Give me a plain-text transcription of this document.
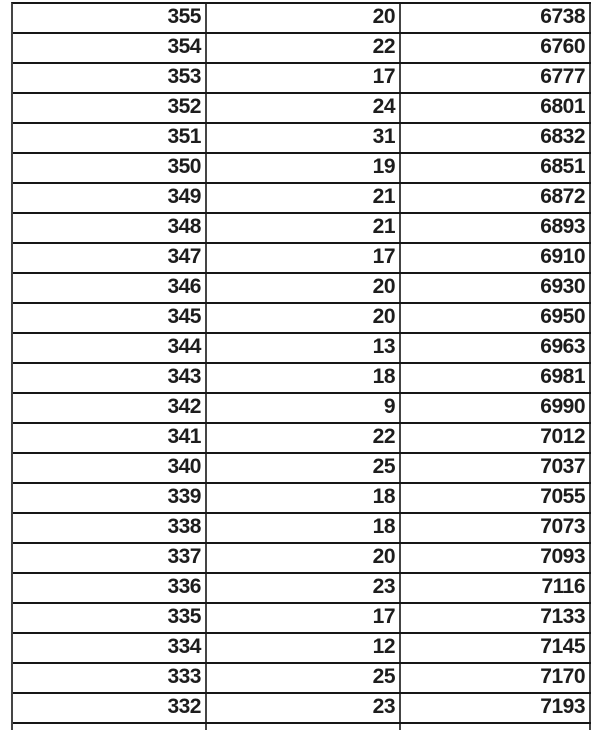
355	20	6738
354	22	6760
353	17	6777
352	24	6801
351	31	6832
350	19	6851
349	21	6872
348	21	6893
347	17	6910
346	20	6930
345	20	6950
344	13	6963
343	18	6981
342	9	6990
341	22	7012
340	25	7037
339	18	7055
338	18	7073
337	20	7093
336	23	7116
335	17	7133
334	12	7145
333	25	7170
332	23	7193
